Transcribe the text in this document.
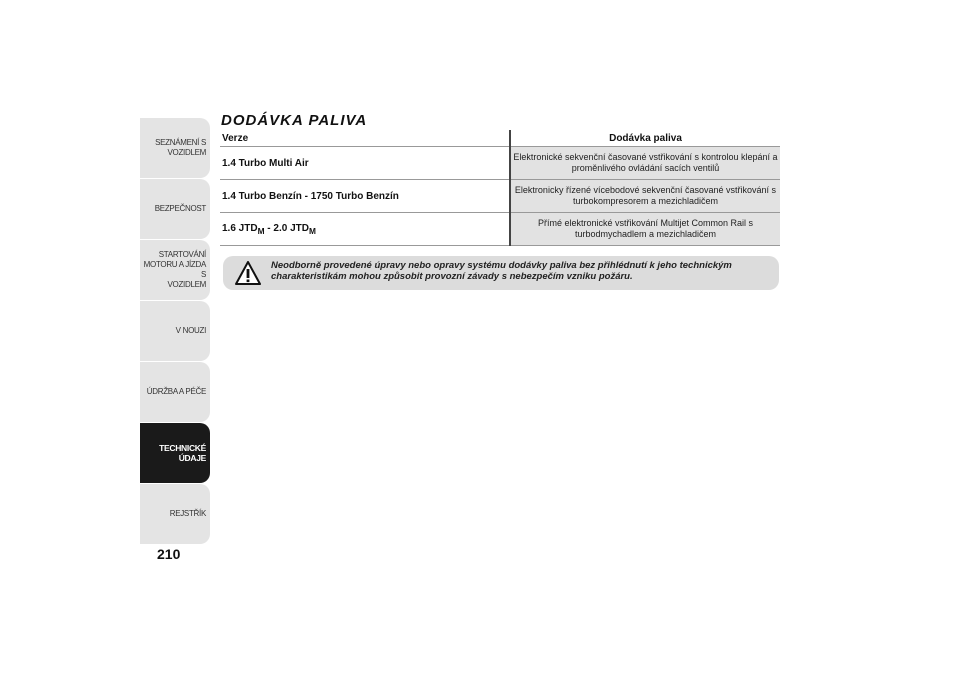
SEZNÁMENÍ S
VOZIDLEM
BEZPEČNOST
STARTOVÁNÍ
MOTORU A JÍZDA S
VOZIDLEM
V NOUZI
ÚDRŽBA A PÉČE
TECHNICKÉ ÚDAJE
REJSTŘÍK
210
DODÁVKA PALIVA
Verze	Dodávka paliva
1.4 Turbo Multi Air	Elektronické sekvenční časované vstřikování s kontrolou klepání a proměnlivého ovládání sacích ventilů
1.4 Turbo Benzín - 1750 Turbo Benzín	Elektronicky řízené vícebodové sekvenční časované vstřikování s turbokompresorem a mezichladičem
1.6 $JTD_M - 2.0$ $JTD_M$	Přímé elektronické vstřikování Multijet Common Rail s turbodmychadlem a mezichladičem
Neodborně provedené úpravy nebo opravy systému dodávky paliva bez přihlédnutí k jeho technickým charakteristikám mohou způsobit provozní závady s nebezpečím vzniku požáru.
